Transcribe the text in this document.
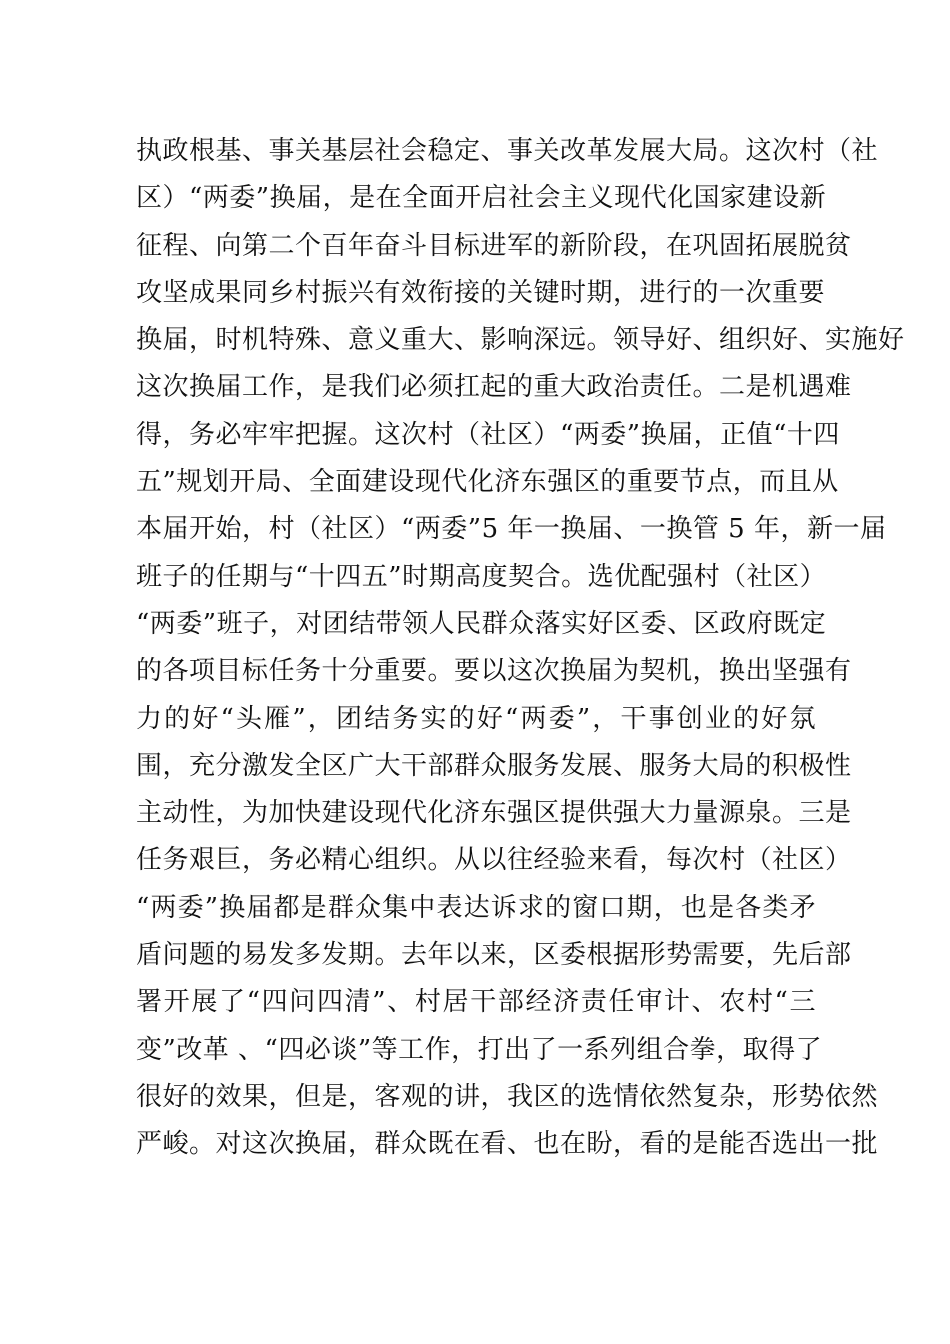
执政根基、事关基层社会稳定、事关改革发展大局。这次村（社
区）“两委”换届，是在全面开启社会主义现代化国家建设新
征程、向第二个百年奋斗目标进军的新阶段，在巩固拓展脱贫
攻坚成果同乡村振兴有效衔接的关键时期，进行的一次重要
换届，时机特殊、意义重大、影响深远。领导好、组织好、实施好
这次换届工作，是我们必须扛起的重大政治责任。二是机遇难
得，务必牢牢把握。这次村（社区）“两委”换届，正值“十四
五”规划开局、全面建设现代化济东强区的重要节点，而且从
本届开始，村（社区）“两委”5 年一换届、一换管 5 年，新一届
班子的任期与“十四五”时期高度契合。选优配强村（社区）
“两委”班子，对团结带领人民群众落实好区委、区政府既定
的各项目标任务十分重要。要以这次换届为契机，换出坚强有
力的好“头雁”，团结务实的好“两委”，干事创业的好氛
围，充分激发全区广大干部群众服务发展、服务大局的积极性
主动性，为加快建设现代化济东强区提供强大力量源泉。三是
任务艰巨，务必精心组织。从以往经验来看，每次村（社区）
“两委”换届都是群众集中表达诉求的窗口期，也是各类矛
盾问题的易发多发期。去年以来，区委根据形势需要，先后部
署开展了“四问四清”、村居干部经济责任审计、农村“三
变”改革 、“四必谈”等工作，打出了一系列组合拳，取得了
很好的效果，但是，客观的讲，我区的选情依然复杂，形势依然
严峻。对这次换届，群众既在看、也在盼，看的是能否选出一批
